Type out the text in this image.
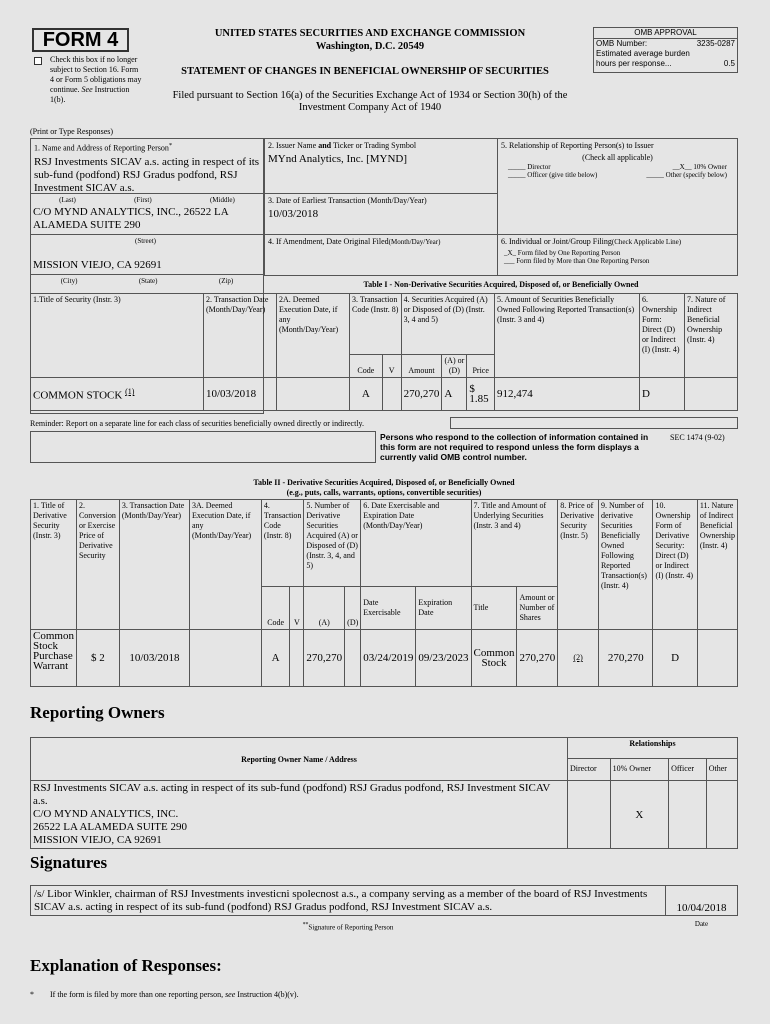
FORM 4
Check this box if no longer subject to Section 16. Form 4 or Form 5 obligations may continue. See Instruction 1(b).
UNITED STATES SECURITIES AND EXCHANGE COMMISSION
Washington, D.C. 20549
STATEMENT OF CHANGES IN BENEFICIAL OWNERSHIP OF SECURITIES
Filed pursuant to Section 16(a) of the Securities Exchange Act of 1934 or Section 30(h) of the Investment Company Act of 1940
OMB APPROVAL
OMB Number:	3235-0287
Estimated average burden
hours per response...	0.5
(Print or Type Responses)
1. Name and Address of Reporting Person*
RSJ Investments SICAV a.s. acting in respect of its sub-fund (podfond) RSJ Gradus podfond, RSJ Investment SICAV a.s.
(Last)	(First)	(Middle)
C/O MYND ANALYTICS, INC., 26522 LA ALAMEDA SUITE 290
(Street)
MISSION VIEJO, CA 92691
(City)	(State)	(Zip)
2. Issuer Name and Ticker or Trading Symbol
MYnd Analytics, Inc. [MYND]
3. Date of Earliest Transaction (Month/Day/Year)
10/03/2018
4. If Amendment, Date Original Filed(Month/Day/Year)
5. Relationship of Reporting Person(s) to Issuer
(Check all applicable)
_____ Director	__X__ 10% Owner
_____ Officer (give title below)	_____ Other (specify below)
6. Individual or Joint/Group Filing(Check Applicable Line)
_X_ Form filed by One Reporting Person
___ Form filed by More than One Reporting Person
Table I - Non-Derivative Securities Acquired, Disposed of, or Beneficially Owned
1.Title of Security (Instr. 3)	2. Transaction Date (Month/Day/Year)	2A. Deemed Execution Date, if any (Month/Day/Year)	3. Transaction Code (Instr. 8)		4. Securities Acquired (A) or Disposed of (D) (Instr. 3, 4 and 5)			5. Amount of Securities Beneficially Owned Following Reported Transaction(s) (Instr. 3 and 4)	6. Ownership Form: Direct (D) or Indirect (I) (Instr. 4)	7. Nature of Indirect Beneficial Ownership (Instr. 4)
			Code	V	Amount	(A) or (D)	Price			
COMMON STOCK $^{(1)}$	10/03/2018		A		270,270	A	$ 1.85	912,474	D	
Reminder: Report on a separate line for each class of securities beneficially owned directly or indirectly.
Persons who respond to the collection of information contained in this form are not required to respond unless the form displays a currently valid OMB control number.
SEC 1474 (9-02)
Table II - Derivative Securities Acquired, Disposed of, or Beneficially Owned
(e.g., puts, calls, warrants, options, convertible securities)
1. Title of Derivative Security (Instr. 3)	2. Conversion or Exercise Price of Derivative Security	3. Transaction Date (Month/Day/Year)	3A. Deemed Execution Date, if any (Month/Day/Year)	4. Transaction Code (Instr. 8)		5. Number of Derivative Securities Acquired (A) or Disposed of (D) (Instr. 3, 4, and 5)		6. Date Exercisable and Expiration Date (Month/Day/Year)		7. Title and Amount of Underlying Securities (Instr. 3 and 4)		8. Price of Derivative Security (Instr. 5)	9. Number of derivative Securities Beneficially Owned Following Reported Transaction(s) (Instr. 4)	10. Ownership Form of Derivative Security: Direct (D) or Indirect (I) (Instr. 4)	11. Nature of Indirect Beneficial Ownership (Instr. 4)
				Code	V	(A)	(D)	Date Exercisable	Expiration Date	Title	Amount or Number of Shares				
Common Stock Purchase Warrant	$ 2	10/03/2018		A		270,270		03/24/2019	09/23/2023	Common Stock	270,270	(2)	270,270	D	
Reporting Owners
Reporting Owner Name / Address	Relationships			
	Director	10% Owner	Officer	Other

RSJ Investments SICAV a.s. acting in respect of its sub-fund (podfond) RSJ Gradus podfond, RSJ Investment SICAV a.s.
C/O MYND ANALYTICS, INC.
26522 LA ALAMEDA SUITE 290
MISSION VIEJO, CA 92691		X		
Signatures
/s/ Libor Winkler, chairman of RSJ Investments investicni spolecnost a.s., a company serving as a member of the board of RSJ Investments SICAV a.s. acting in respect of its sub-fund (podfond) RSJ Gradus podfond, RSJ Investment SICAV a.s.	10/04/2018
**Signature of Reporting Person	Date
Explanation of Responses:
* If the form is filed by more than one reporting person, see Instruction 4(b)(v).
